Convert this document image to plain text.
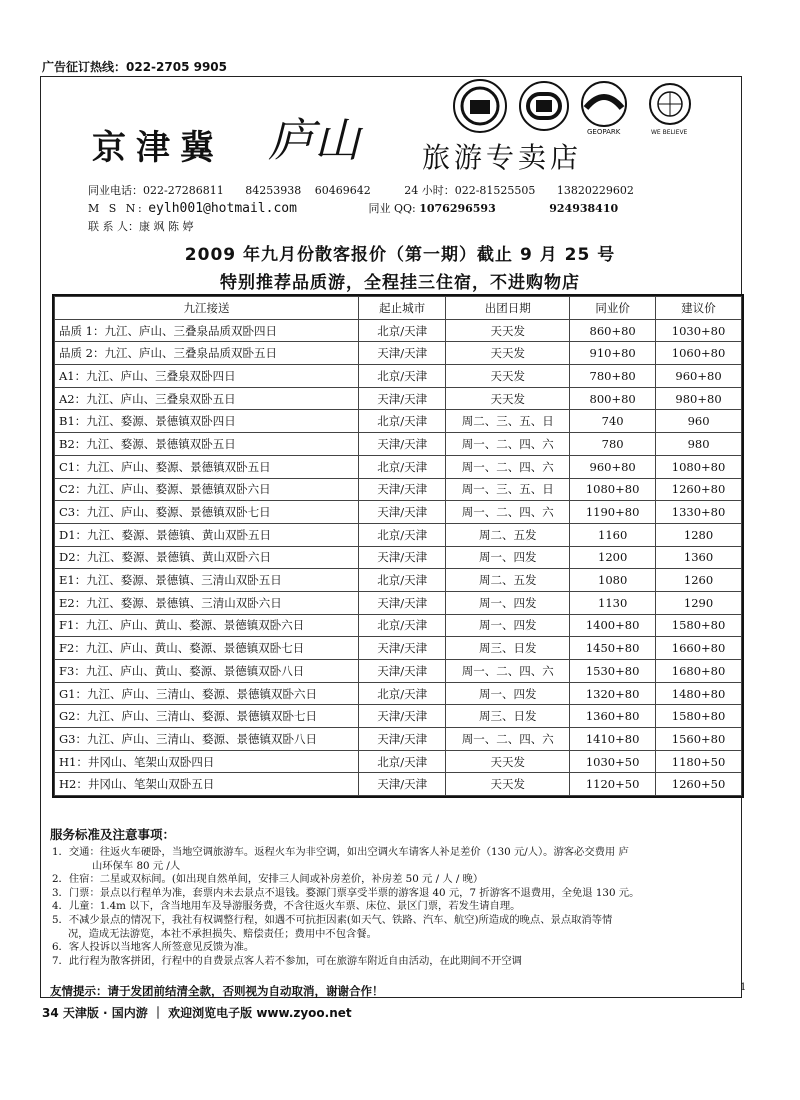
广告征订热线：022-2705 9905
GEOPARK	WE BELIEVE
京津冀 庐山 旅游专卖店
同业电话：022-27286811 84253938 60469642	24 小时：022-81525505 13820229602
M S N: eylh001@hotmail.com	同业 QQ: 1076296593	924938410
联 系 人：康 飒 陈 婷
2009 年九月份散客报价（第一期）截止 9 月 25 号
特别推荐品质游，全程挂三住宿，不进购物店
九江接送	起止城市	出团日期	同业价	建议价
品质 1：九江、庐山、三叠泉品质双卧四日	北京/天津	天天发	860+80	1030+80
品质 2：九江、庐山、三叠泉品质双卧五日	天津/天津	天天发	910+80	1060+80
A1：九江、庐山、三叠泉双卧四日	北京/天津	天天发	780+80	960+80
A2：九江、庐山、三叠泉双卧五日	天津/天津	天天发	800+80	980+80
B1：九江、婺源、景德镇双卧四日	北京/天津	周二、三、五、日	740	960
B2：九江、婺源、景德镇双卧五日	天津/天津	周一、二、四、六	780	980
C1：九江、庐山、婺源、景德镇双卧五日	北京/天津	周一、二、四、六	960+80	1080+80
C2：九江、庐山、婺源、景德镇双卧六日	天津/天津	周一、三、五、日	1080+80	1260+80
C3：九江、庐山、婺源、景德镇双卧七日	天津/天津	周一、二、四、六	1190+80	1330+80
D1：九江、婺源、景德镇、黄山双卧五日	北京/天津	周二、五发	1160	1280
D2：九江、婺源、景德镇、黄山双卧六日	天津/天津	周一、四发	1200	1360
E1：九江、婺源、景德镇、三清山双卧五日	北京/天津	周二、五发	1080	1260
E2：九江、婺源、景德镇、三清山双卧六日	天津/天津	周一、四发	1130	1290
F1：九江、庐山、黄山、婺源、景德镇双卧六日	北京/天津	周一、四发	1400+80	1580+80
F2：九江、庐山、黄山、婺源、景德镇双卧七日	天津/天津	周三、日发	1450+80	1660+80
F3：九江、庐山、黄山、婺源、景德镇双卧八日	天津/天津	周一、二、四、六	1530+80	1680+80
G1：九江、庐山、三清山、婺源、景德镇双卧六日	北京/天津	周一、四发	1320+80	1480+80
G2：九江、庐山、三清山、婺源、景德镇双卧七日	天津/天津	周三、日发	1360+80	1580+80
G3：九江、庐山、三清山、婺源、景德镇双卧八日	天津/天津	周一、二、四、六	1410+80	1560+80
H1：井冈山、笔架山双卧四日	北京/天津	天天发	1030+50	1180+50
H2：井冈山、笔架山双卧五日	天津/天津	天天发	1120+50	1260+50
服务标准及注意事项：
1．交通：往返火车硬卧，当地空调旅游车。返程火车为非空调，如出空调火车请客人补足差价（130 元/人）。游客必交费用 庐
山环保车 80 元 /人
2．住宿：二星或双标间。(如出现自然单间，安排三人间或补房差价，补房差 50 元 / 人 / 晚）
3．门票：景点以行程单为准，套票内未去景点不退钱。婺源门票享受半票的游客退 40 元，7 折游客不退费用，全免退 130 元。
4．儿童：1.4m 以下，含当地用车及导游服务费，不含往返火车票、床位、景区门票，若发生请自理。
5．不减少景点的情况下，我社有权调整行程，如遇不可抗拒因素(如天气、铁路、汽车、航空)所造成的晚点、景点取消等情
况，造成无法游览，本社不承担损失、赔偿责任；费用中不包含餐。
6．客人投诉以当地客人所签意见反馈为准。
7．此行程为散客拼团，行程中的自费景点客人若不参加，可在旅游车附近自由活动，在此期间不开空调
友情提示：请于发团前结清全款，否则视为自动取消，谢谢合作！	1
34 天津版 · 国内游 ｜ 欢迎浏览电子版 www.zyoo.net
